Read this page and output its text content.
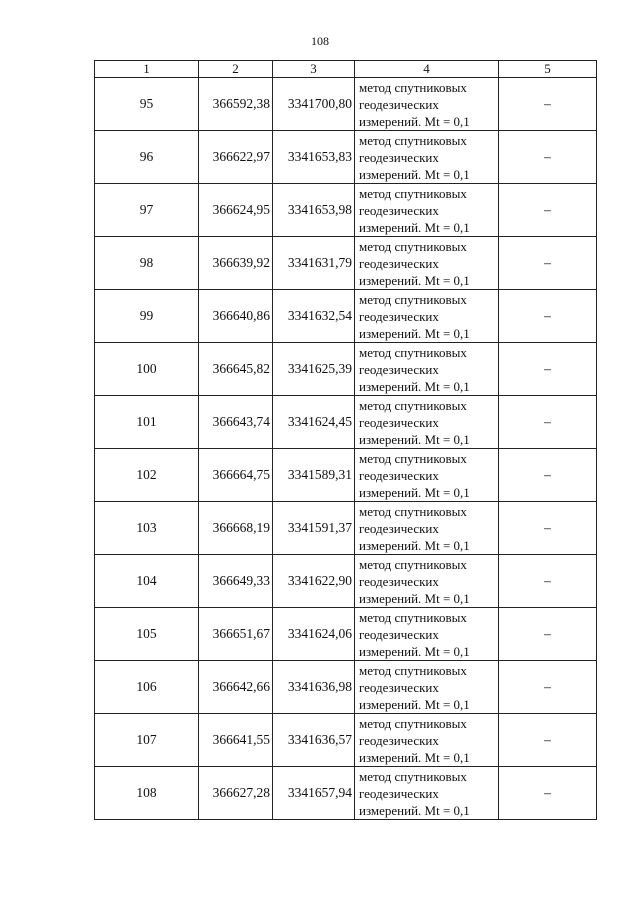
108
1	2	3	4	5
95	366592,38	3341700,80	метод спутниковых
геодезических
измерений. Mt = 0,1	–
96	366622,97	3341653,83	метод спутниковых
геодезических
измерений. Mt = 0,1	–
97	366624,95	3341653,98	метод спутниковых
геодезических
измерений. Mt = 0,1	–
98	366639,92	3341631,79	метод спутниковых
геодезических
измерений. Mt = 0,1	–
99	366640,86	3341632,54	метод спутниковых
геодезических
измерений. Mt = 0,1	–
100	366645,82	3341625,39	метод спутниковых
геодезических
измерений. Mt = 0,1	–
101	366643,74	3341624,45	метод спутниковых
геодезических
измерений. Mt = 0,1	–
102	366664,75	3341589,31	метод спутниковых
геодезических
измерений. Mt = 0,1	–
103	366668,19	3341591,37	метод спутниковых
геодезических
измерений. Mt = 0,1	–
104	366649,33	3341622,90	метод спутниковых
геодезических
измерений. Mt = 0,1	–
105	366651,67	3341624,06	метод спутниковых
геодезических
измерений. Mt = 0,1	–
106	366642,66	3341636,98	метод спутниковых
геодезических
измерений. Mt = 0,1	–
107	366641,55	3341636,57	метод спутниковых
геодезических
измерений. Mt = 0,1	–
108	366627,28	3341657,94	метод спутниковых
геодезических
измерений. Mt = 0,1	–
